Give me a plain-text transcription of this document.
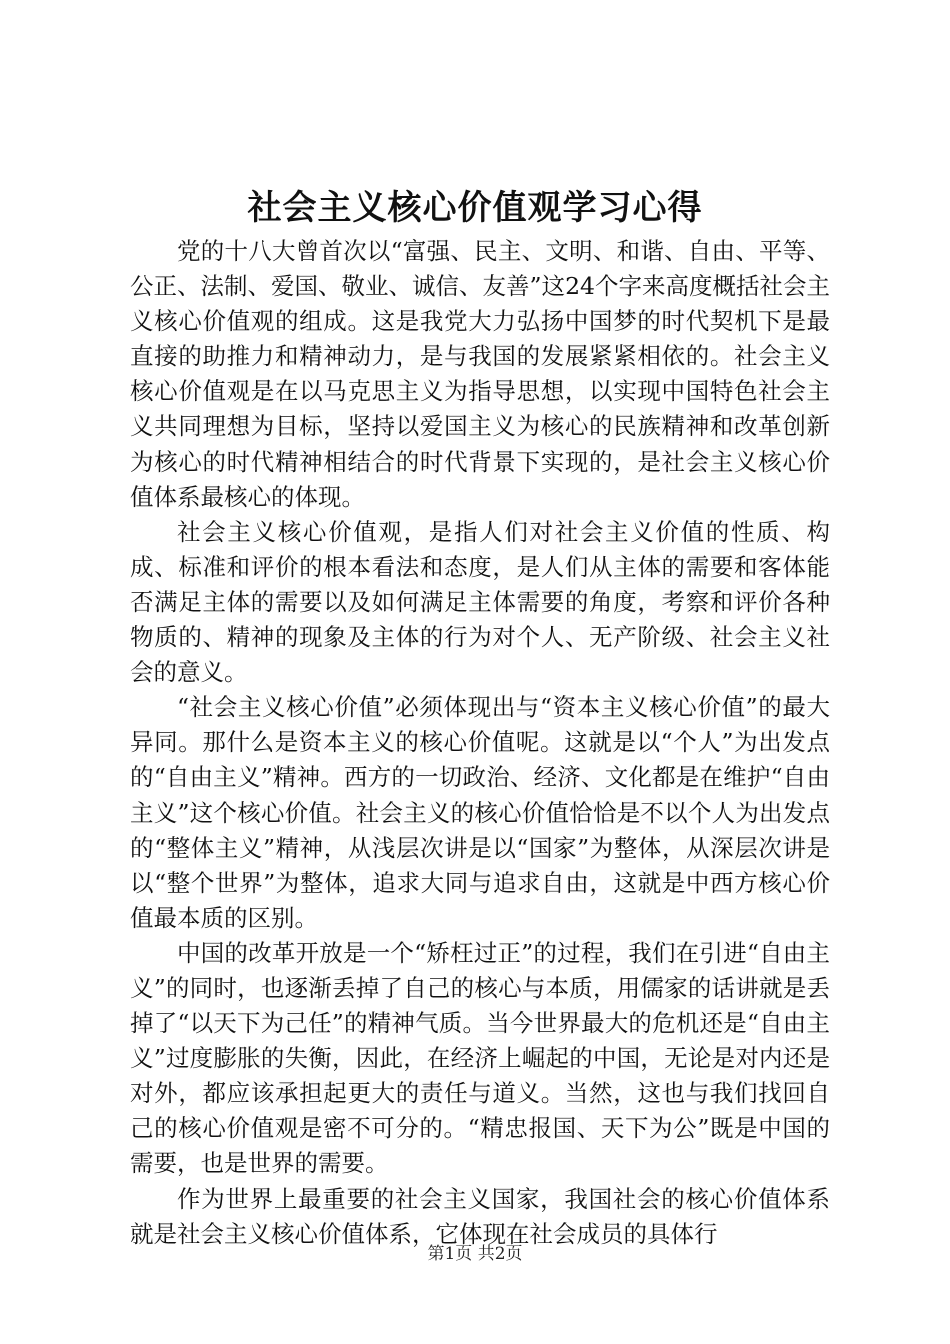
社会主义核心价值观学习心得

党的十八大曾首次以“富强、民主、文明、和谐、自由、平等、公正、法制、爱国、敬业、诚信、友善”这24个字来高度概括社会主义核心价值观的组成。这是我党大力弘扬中国梦的时代契机下是最直接的助推力和精神动力，是与我国的发展紧紧相依的。社会主义核心价值观是在以马克思主义为指导思想，以实现中国特色社会主义共同理想为目标，坚持以爱国主义为核心的民族精神和改革创新为核心的时代精神相结合的时代背景下实现的，是社会主义核心价值体系最核心的体现。

社会主义核心价值观，是指人们对社会主义价值的性质、构成、标准和评价的根本看法和态度，是人们从主体的需要和客体能否满足主体的需要以及如何满足主体需要的角度，考察和评价各种物质的、精神的现象及主体的行为对个人、无产阶级、社会主义社会的意义。

“社会主义核心价值”必须体现出与“资本主义核心价值”的最大异同。那什么是资本主义的核心价值呢。这就是以“个人”为出发点的“自由主义”精神。西方的一切政治、经济、文化都是在维护“自由主义”这个核心价值。社会主义的核心价值恰恰是不以个人为出发点的“整体主义”精神，从浅层次讲是以“国家”为整体，从深层次讲是以“整个世界”为整体，追求大同与追求自由，这就是中西方核心价值最本质的区别。

中国的改革开放是一个“矫枉过正”的过程，我们在引进“自由主义”的同时，也逐渐丢掉了自己的核心与本质，用儒家的话讲就是丢掉了“以天下为己任”的精神气质。当今世界最大的危机还是“自由主义”过度膨胀的失衡，因此，在经济上崛起的中国，无论是对内还是对外，都应该承担起更大的责任与道义。当然，这也与我们找回自己的核心价值观是密不可分的。“精忠报国、天下为公”既是中国的需要，也是世界的需要。

作为世界上最重要的社会主义国家，我国社会的核心价值体系就是社会主义核心价值体系，它体现在社会成员的具体行

第1页 共2页
